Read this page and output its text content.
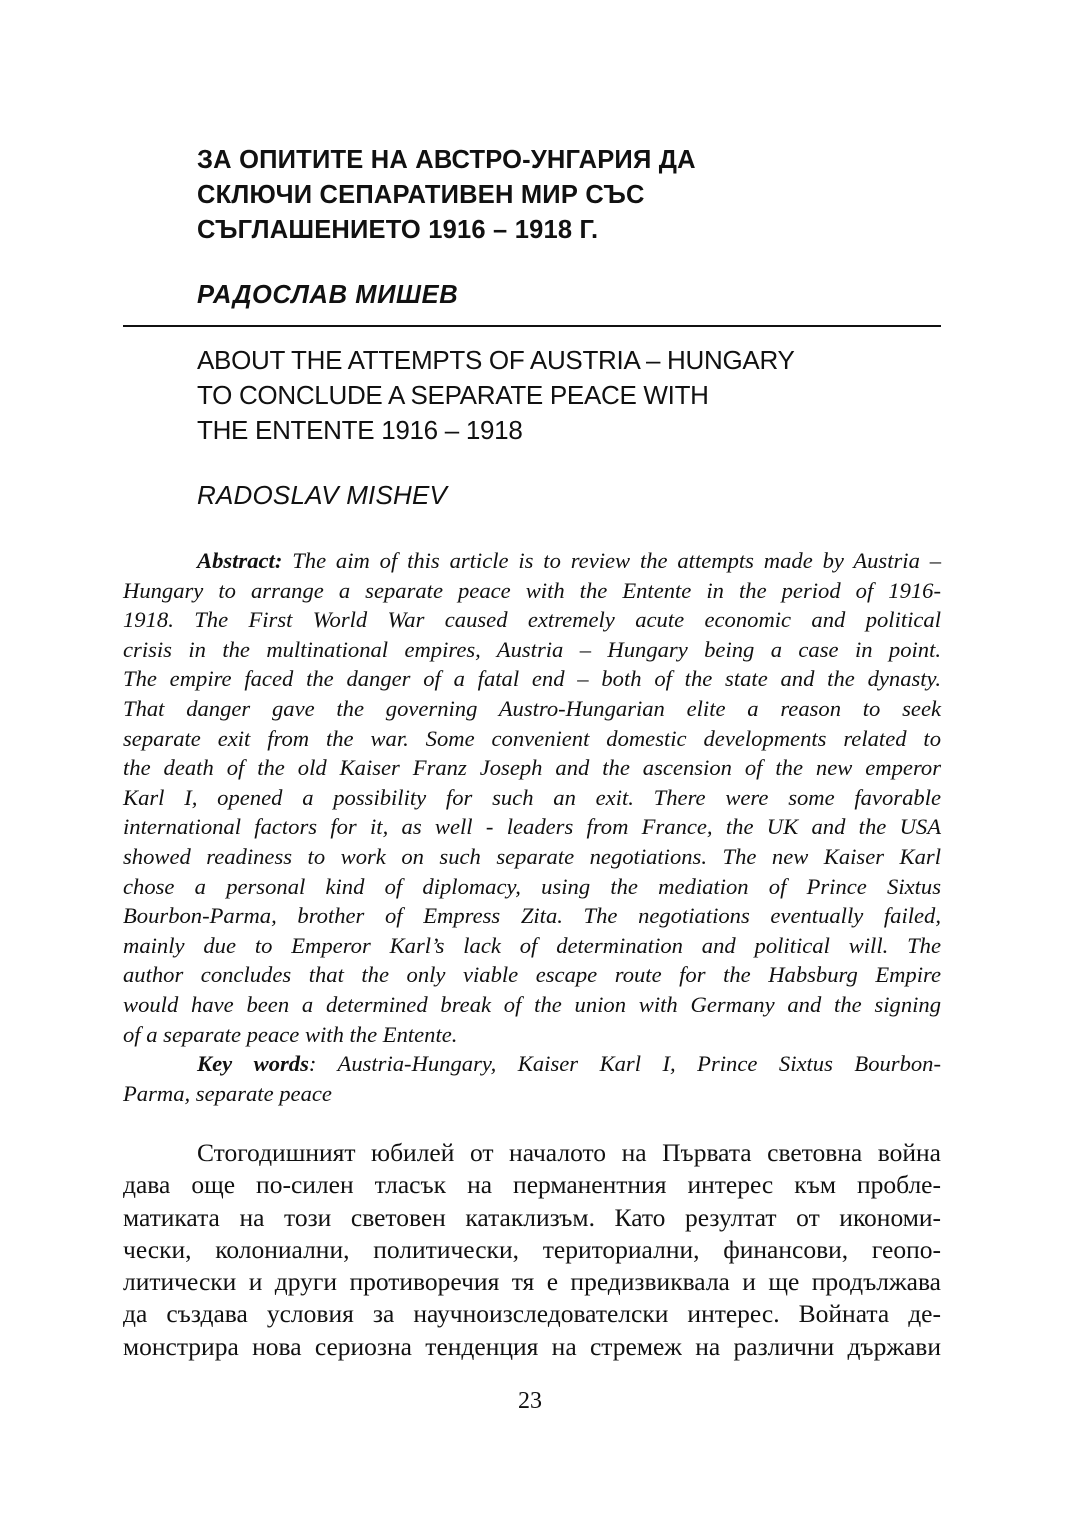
ЗА ОПИТИТЕ НА АВСТРО-УНГАРИЯ ДА
СКЛЮЧИ СЕПАРАТИВЕН МИР СЪС
СЪГЛАШЕНИЕТО 1916 – 1918 Г.
РАДОСЛАВ МИШЕВ
ABOUT THE ATTEMPTS OF AUSTRIA – HUNGARY
TO CONCLUDE A SEPARATE PEACE WITH
THE ENTENTE 1916 – 1918
RADOSLAV MISHEV
Abstract: The aim of this article is to review the attempts made by Austria –
Hungary to arrange a separate peace with the Entente in the period of 1916-
1918. The First World War caused extremely acute economic and political
crisis in the multinational empires, Austria – Hungary being a case in point.
The empire faced the danger of a fatal end – both of the state and the dynasty.
That danger gave the governing Austro-Hungarian elite a reason to seek
separate exit from the war. Some convenient domestic developments related to
the death of the old Kaiser Franz Joseph and the ascension of the new emperor
Karl I, opened a possibility for such an exit. There were some favorable
international factors for it, as well - leaders from France, the UK and the USA
showed readiness to work on such separate negotiations. The new Kaiser Karl
chose a personal kind of diplomacy, using the mediation of Prince Sixtus
Bourbon-Parma, brother of Empress Zita. The negotiations eventually failed,
mainly due to Emperor Karl’s lack of determination and political will. The
author concludes that the only viable escape route for the Habsburg Empire
would have been a determined break of the union with Germany and the signing
of a separate peace with the Entente.
Key words: Austria-Hungary, Kaiser Karl I, Prince Sixtus Bourbon-
Parma, separate peace
Стогодишният юбилей от началото на Първата световна война
дава още по-силен тласък на перманентния интерес към пробле-
матиката на този световен катаклизъм. Като резултат от икономи-
чески, колониални, политически, териториални, финансови, геопо-
литически и други противоречия тя е предизвиквала и ще продължава
да създава условия за научноизследователски интерес. Войната де-
монстрира нова сериозна тенденция на стремеж на различни държави
23
